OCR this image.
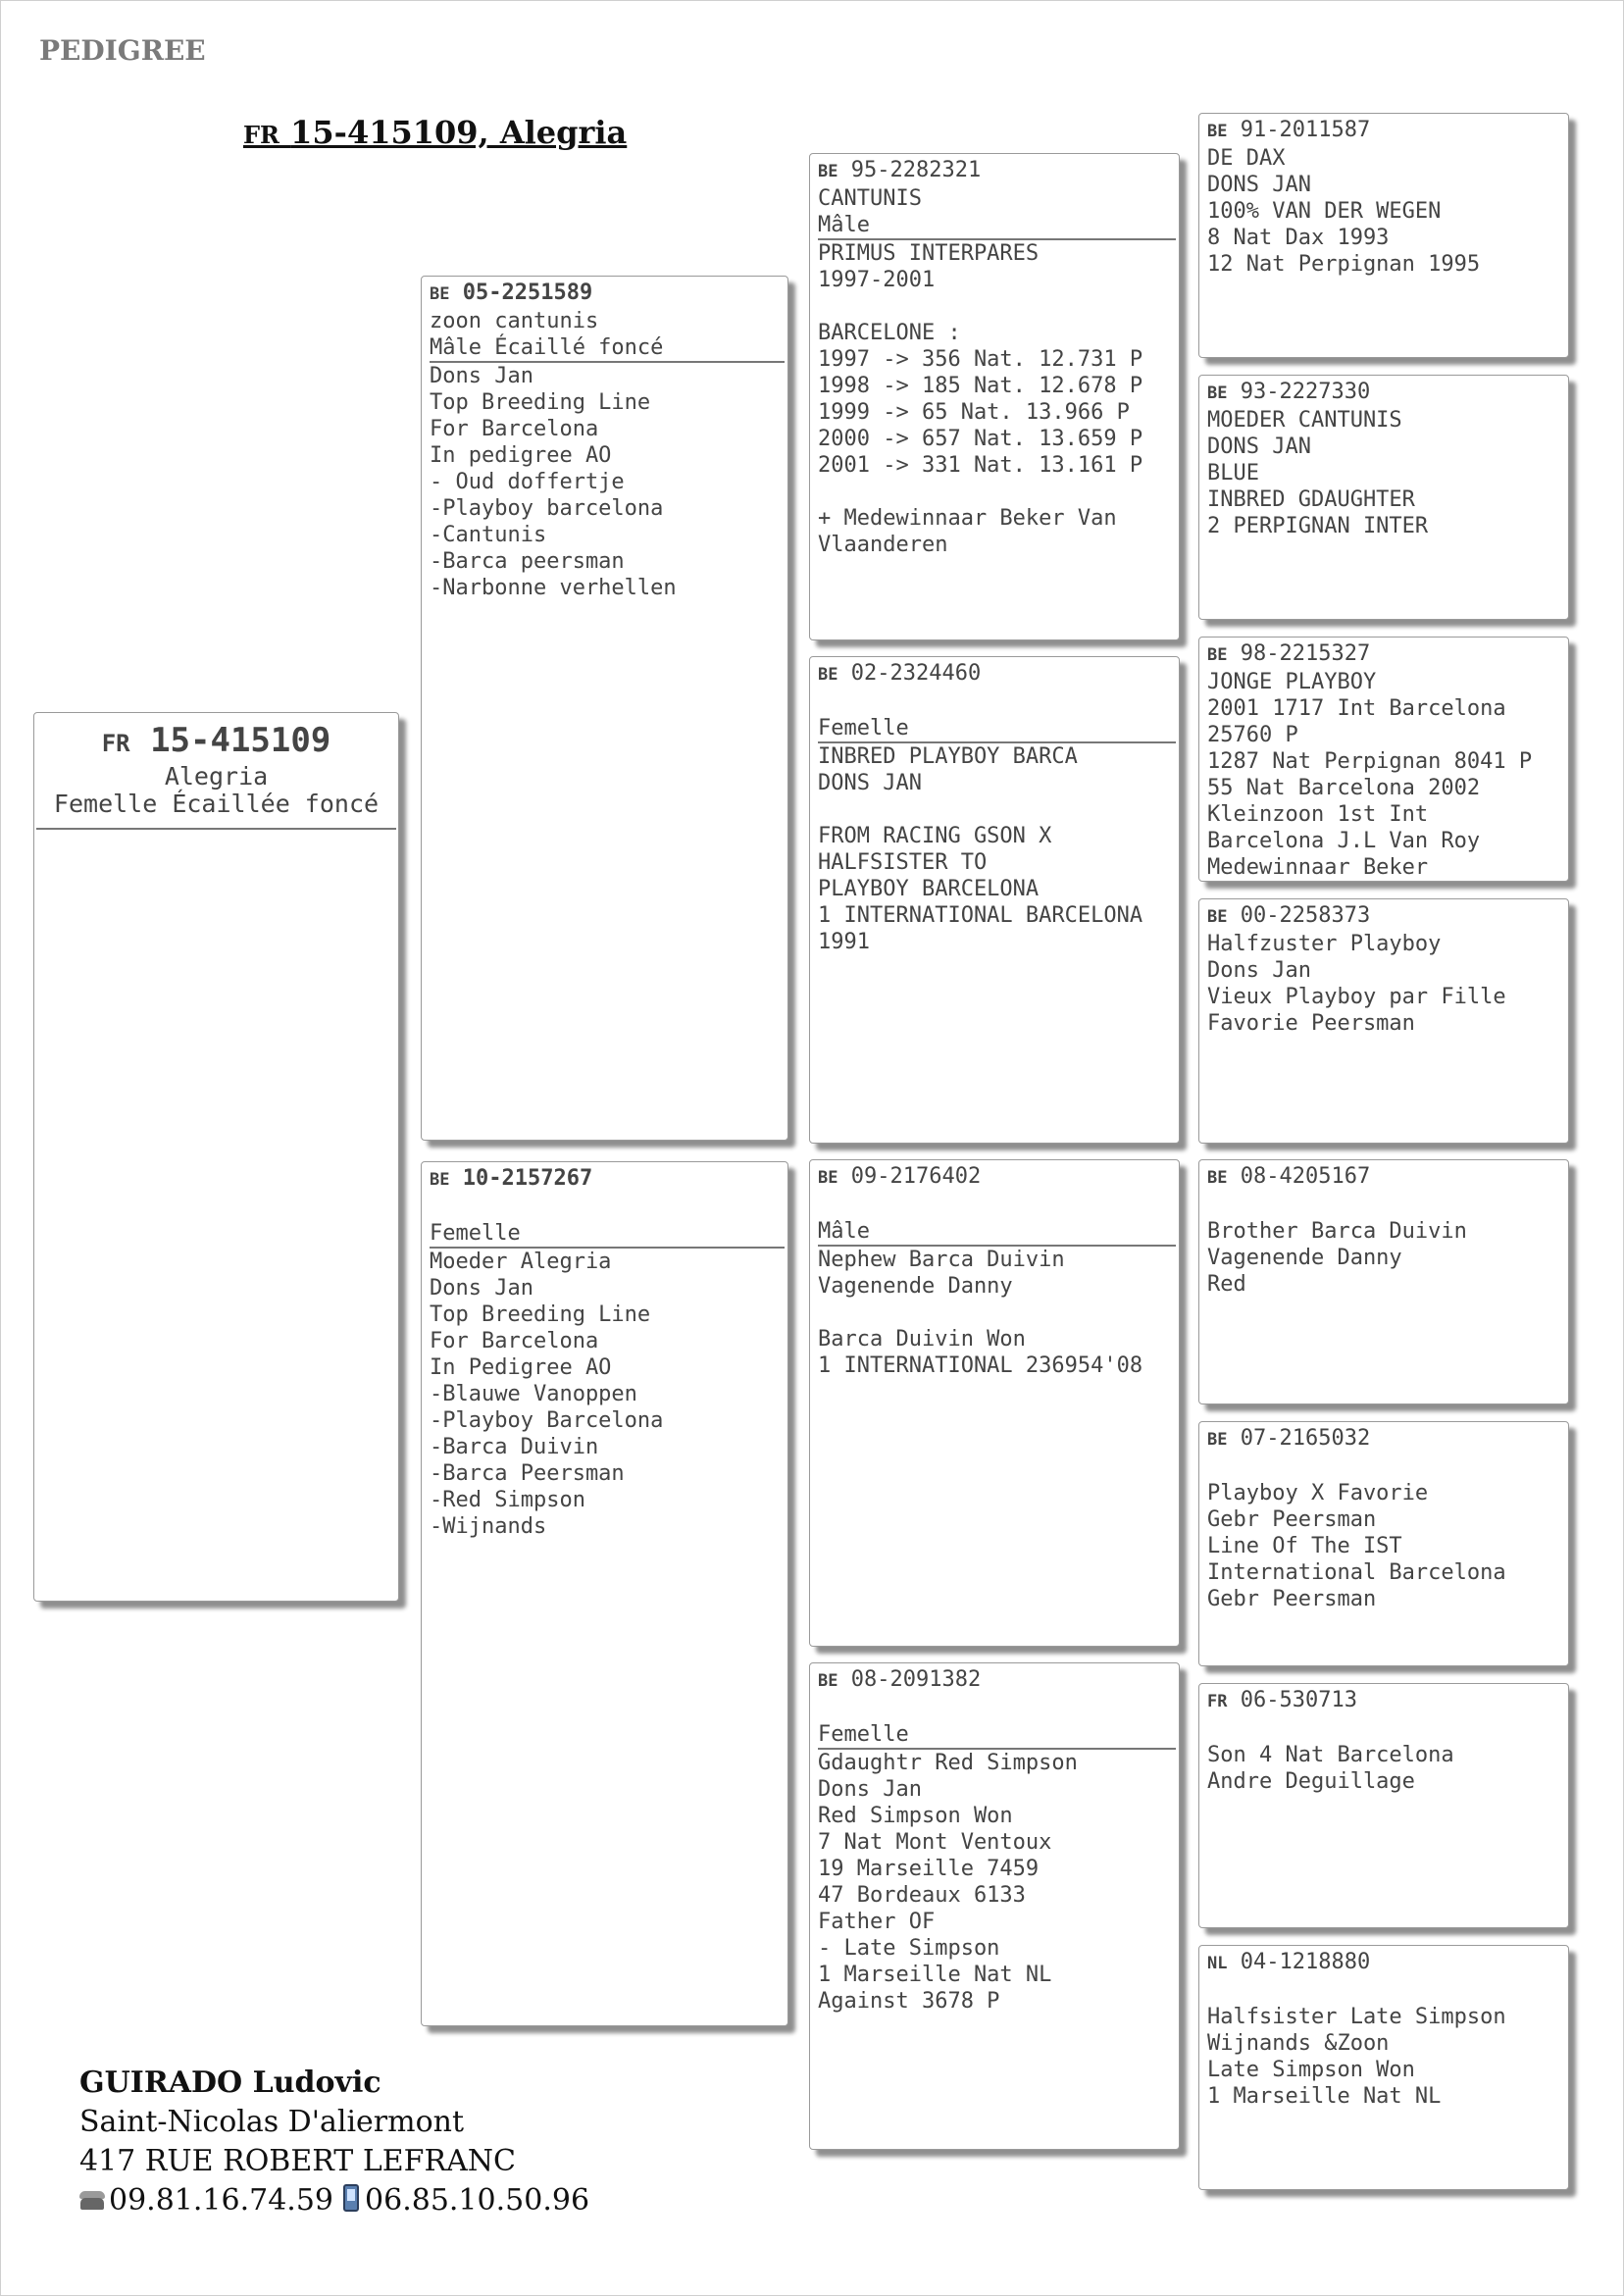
PEDIGREE
FR 15-415109, Alegria
FR 15-415109
Alegria
Femelle Écaillée foncé
BE 05-2251589
zoon cantunis
Mâle Écaillé foncé
Dons Jan
Top Breeding Line
For Barcelona
In pedigree AO
- Oud doffertje
-Playboy barcelona
-Cantunis
-Barca peersman
-Narbonne verhellen
BE 10-2157267
Femelle
Moeder Alegria
Dons Jan
Top Breeding Line
For Barcelona
In Pedigree AO
-Blauwe Vanoppen
-Playboy Barcelona
-Barca Duivin
-Barca Peersman
-Red Simpson
-Wijnands
BE 95-2282321
CANTUNIS
Mâle
PRIMUS INTERPARES
1997-2001
BARCELONE :
1997 -> 356 Nat. 12.731 P
1998 -> 185 Nat. 12.678 P
1999 -> 65 Nat. 13.966 P
2000 -> 657 Nat. 13.659 P
2001 -> 331 Nat. 13.161 P
+ Medewinnaar Beker Van
Vlaanderen
BE 02-2324460
Femelle
INBRED PLAYBOY BARCA
DONS JAN
FROM RACING GSON X
HALFSISTER TO
PLAYBOY BARCELONA
1 INTERNATIONAL BARCELONA
1991
BE 09-2176402
Mâle
Nephew Barca Duivin
Vagenende Danny
Barca Duivin Won
1 INTERNATIONAL 236954'08
BE 08-2091382
Femelle
Gdaughtr Red Simpson
Dons Jan
Red Simpson Won
7 Nat Mont Ventoux
19 Marseille 7459
47 Bordeaux 6133
Father OF
- Late Simpson
1 Marseille Nat NL
Against 3678 P
BE 91-2011587
DE DAX
DONS JAN
100% VAN DER WEGEN
8 Nat Dax 1993
12 Nat Perpignan 1995
BE 93-2227330
MOEDER CANTUNIS
DONS JAN
BLUE
INBRED GDAUGHTER
2 PERPIGNAN INTER
BE 98-2215327
JONGE PLAYBOY
2001 1717 Int Barcelona
25760 P
1287 Nat Perpignan 8041 P
55 Nat Barcelona 2002
Kleinzoon 1st Int
Barcelona J.L Van Roy
Medewinnaar Beker
BE 00-2258373
Halfzuster Playboy
Dons Jan
Vieux Playboy par Fille
Favorie Peersman
BE 08-4205167
Brother Barca Duivin
Vagenende Danny
Red
BE 07-2165032
Playboy X Favorie
Gebr Peersman
Line Of The IST
International Barcelona
Gebr Peersman
FR 06-530713
Son 4 Nat Barcelona
Andre Deguillage
NL 04-1218880
Halfsister Late Simpson
Wijnands &Zoon
Late Simpson Won
1 Marseille Nat NL
GUIRADO Ludovic
Saint-Nicolas D'aliermont
417 RUE ROBERT LEFRANC
09.81.16.74.59 06.85.10.50.96
